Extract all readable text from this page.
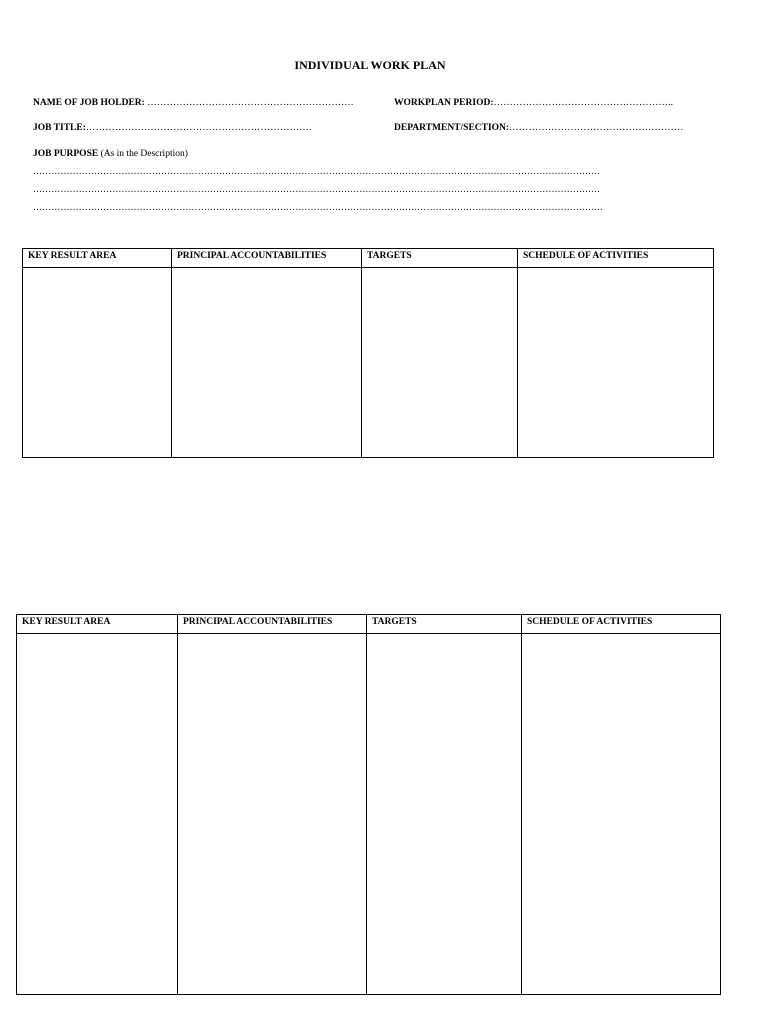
INDIVIDUAL WORK PLAN
NAME OF JOB HOLDER: ……………………………………………………….	WORKPLAN PERIOD:………………………………………………..
JOB TITLE:…………………………………………………………….	DEPARTMENT/SECTION:………………………………………………
JOB PURPOSE (As in the Description)
……………………………………………………………………………………………………………………………………………………………………
……………………………………………………………………………………………………………………………………………………………………
…………………………………………………………………………………………………………………………………………………………………….
KEY RESULT AREA	PRINCIPAL ACCOUNTABILITIES	TARGETS	SCHEDULE OF ACTIVITIES

KEY RESULT AREA	PRINCIPAL ACCOUNTABILITIES	TARGETS	SCHEDULE OF ACTIVITIES
